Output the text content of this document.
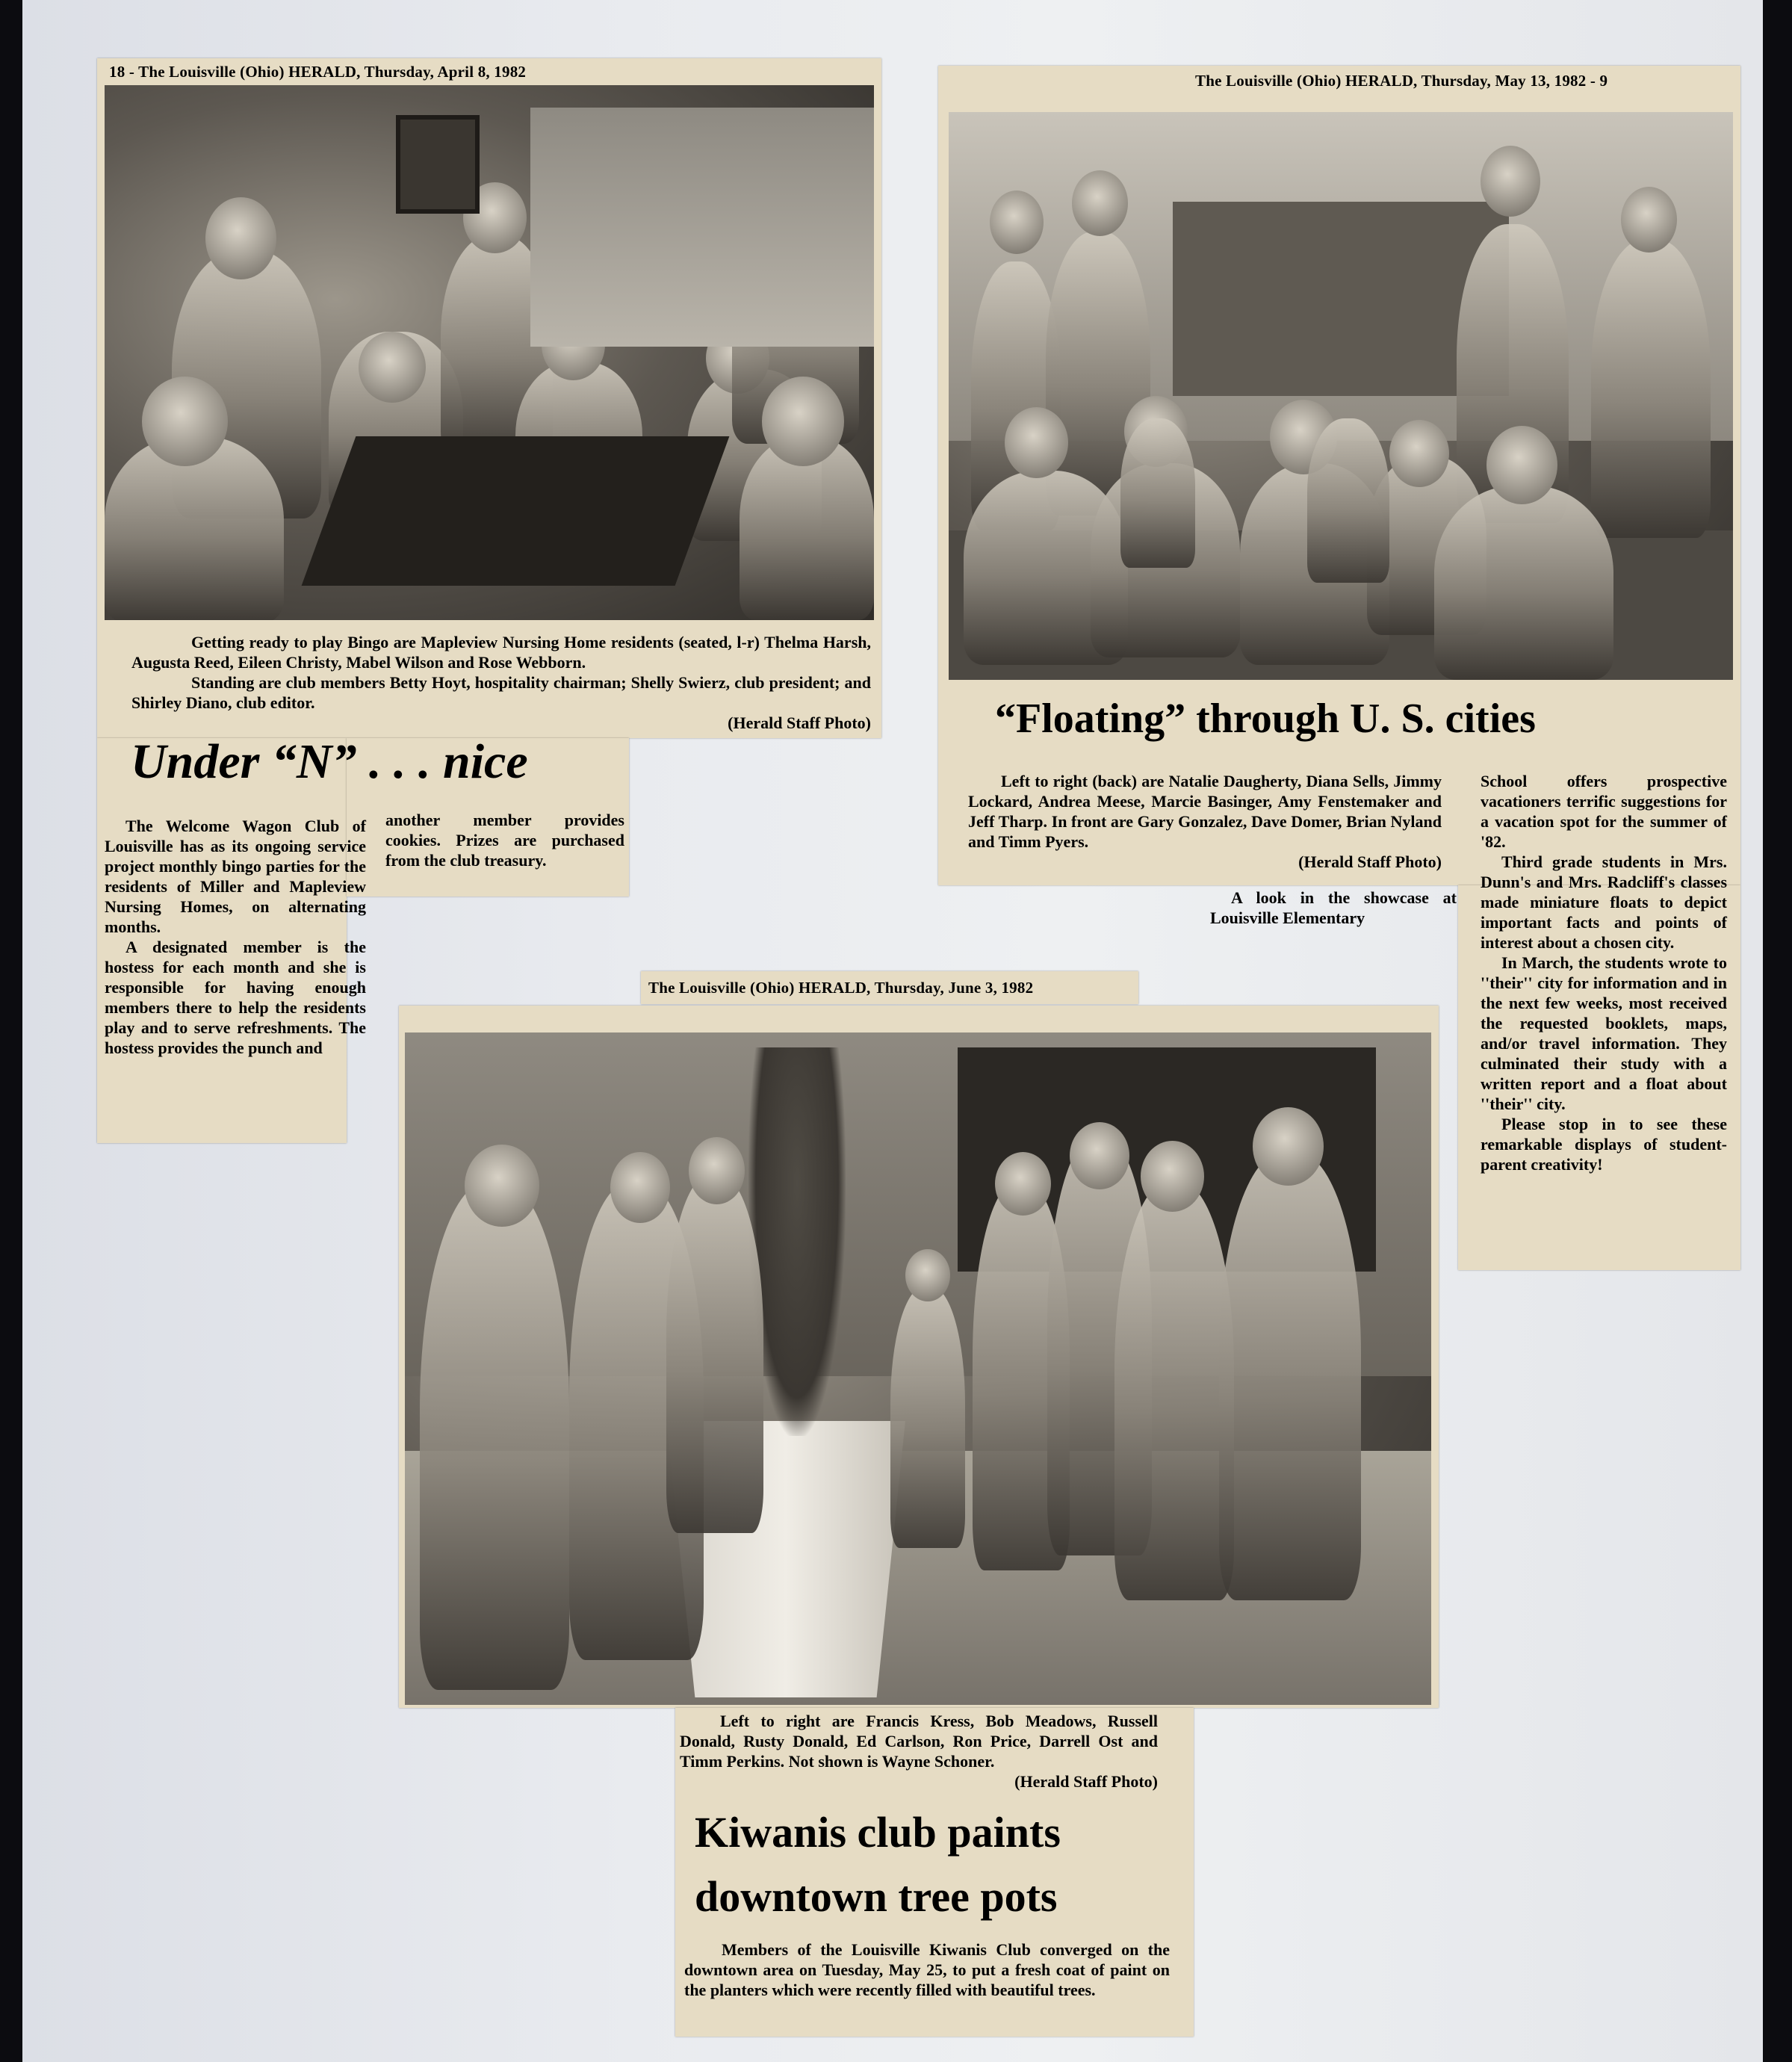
18 - The Louisville (Ohio) HERALD, Thursday, April 8, 1982
Getting ready to play Bingo are Mapleview Nursing Home residents (seated, l-r) Thelma Harsh, Augusta Reed, Eileen Christy, Mabel Wilson and Rose Webborn.
Standing are club members Betty Hoyt, hospitality chairman; Shelly Swierz, club president; and Shirley Diano, club editor.
(Herald Staff Photo)
Under “N” . . . nice

The Welcome Wagon Club of Louisville has as its ongoing service project monthly bingo parties for the residents of Miller and Mapleview Nursing Homes, on alternating months.

A designated member is the hostess for each month and she is responsible for having enough members there to help the residents play and to serve refreshments. The hostess provides the punch and

another member provides cookies. Prizes are purchased from the club treasury.

The Louisville (Ohio) HERALD, Thursday, May 13, 1982 - 9
“Floating” through U. S. cities
Left to right (back) are Natalie Daugherty, Diana Sells, Jimmy Lockard, Andrea Meese, Marcie Basinger, Amy Fenstemaker and Jeff Tharp. In front are Gary Gonzalez, Dave Domer, Brian Nyland and Timm Pyers.
(Herald Staff Photo)

A look in the showcase at Louisville Elementary

School offers prospective vacationers terrific suggestions for a vacation spot for the summer of '82.

Third grade students in Mrs. Dunn's and Mrs. Radcliff's classes made miniature floats to depict important facts and points of interest about a chosen city.

In March, the students wrote to ''their'' city for information and in the next few weeks, most received the requested booklets, maps, and/or travel information. They culminated their study with a written report and a float about ''their'' city.

Please stop in to see these remarkable displays of student-parent creativity!

The Louisville (Ohio) HERALD, Thursday, June 3, 1982
Left to right are Francis Kress, Bob Meadows, Russell Donald, Rusty Donald, Ed Carlson, Ron Price, Darrell Ost and Timm Perkins. Not shown is Wayne Schoner.
(Herald Staff Photo)
Kiwanis club paints
downtown tree pots

Members of the Louisville Kiwanis Club converged on the downtown area on Tuesday, May 25, to put a fresh coat of paint on the planters which were recently filled with beautiful trees.
